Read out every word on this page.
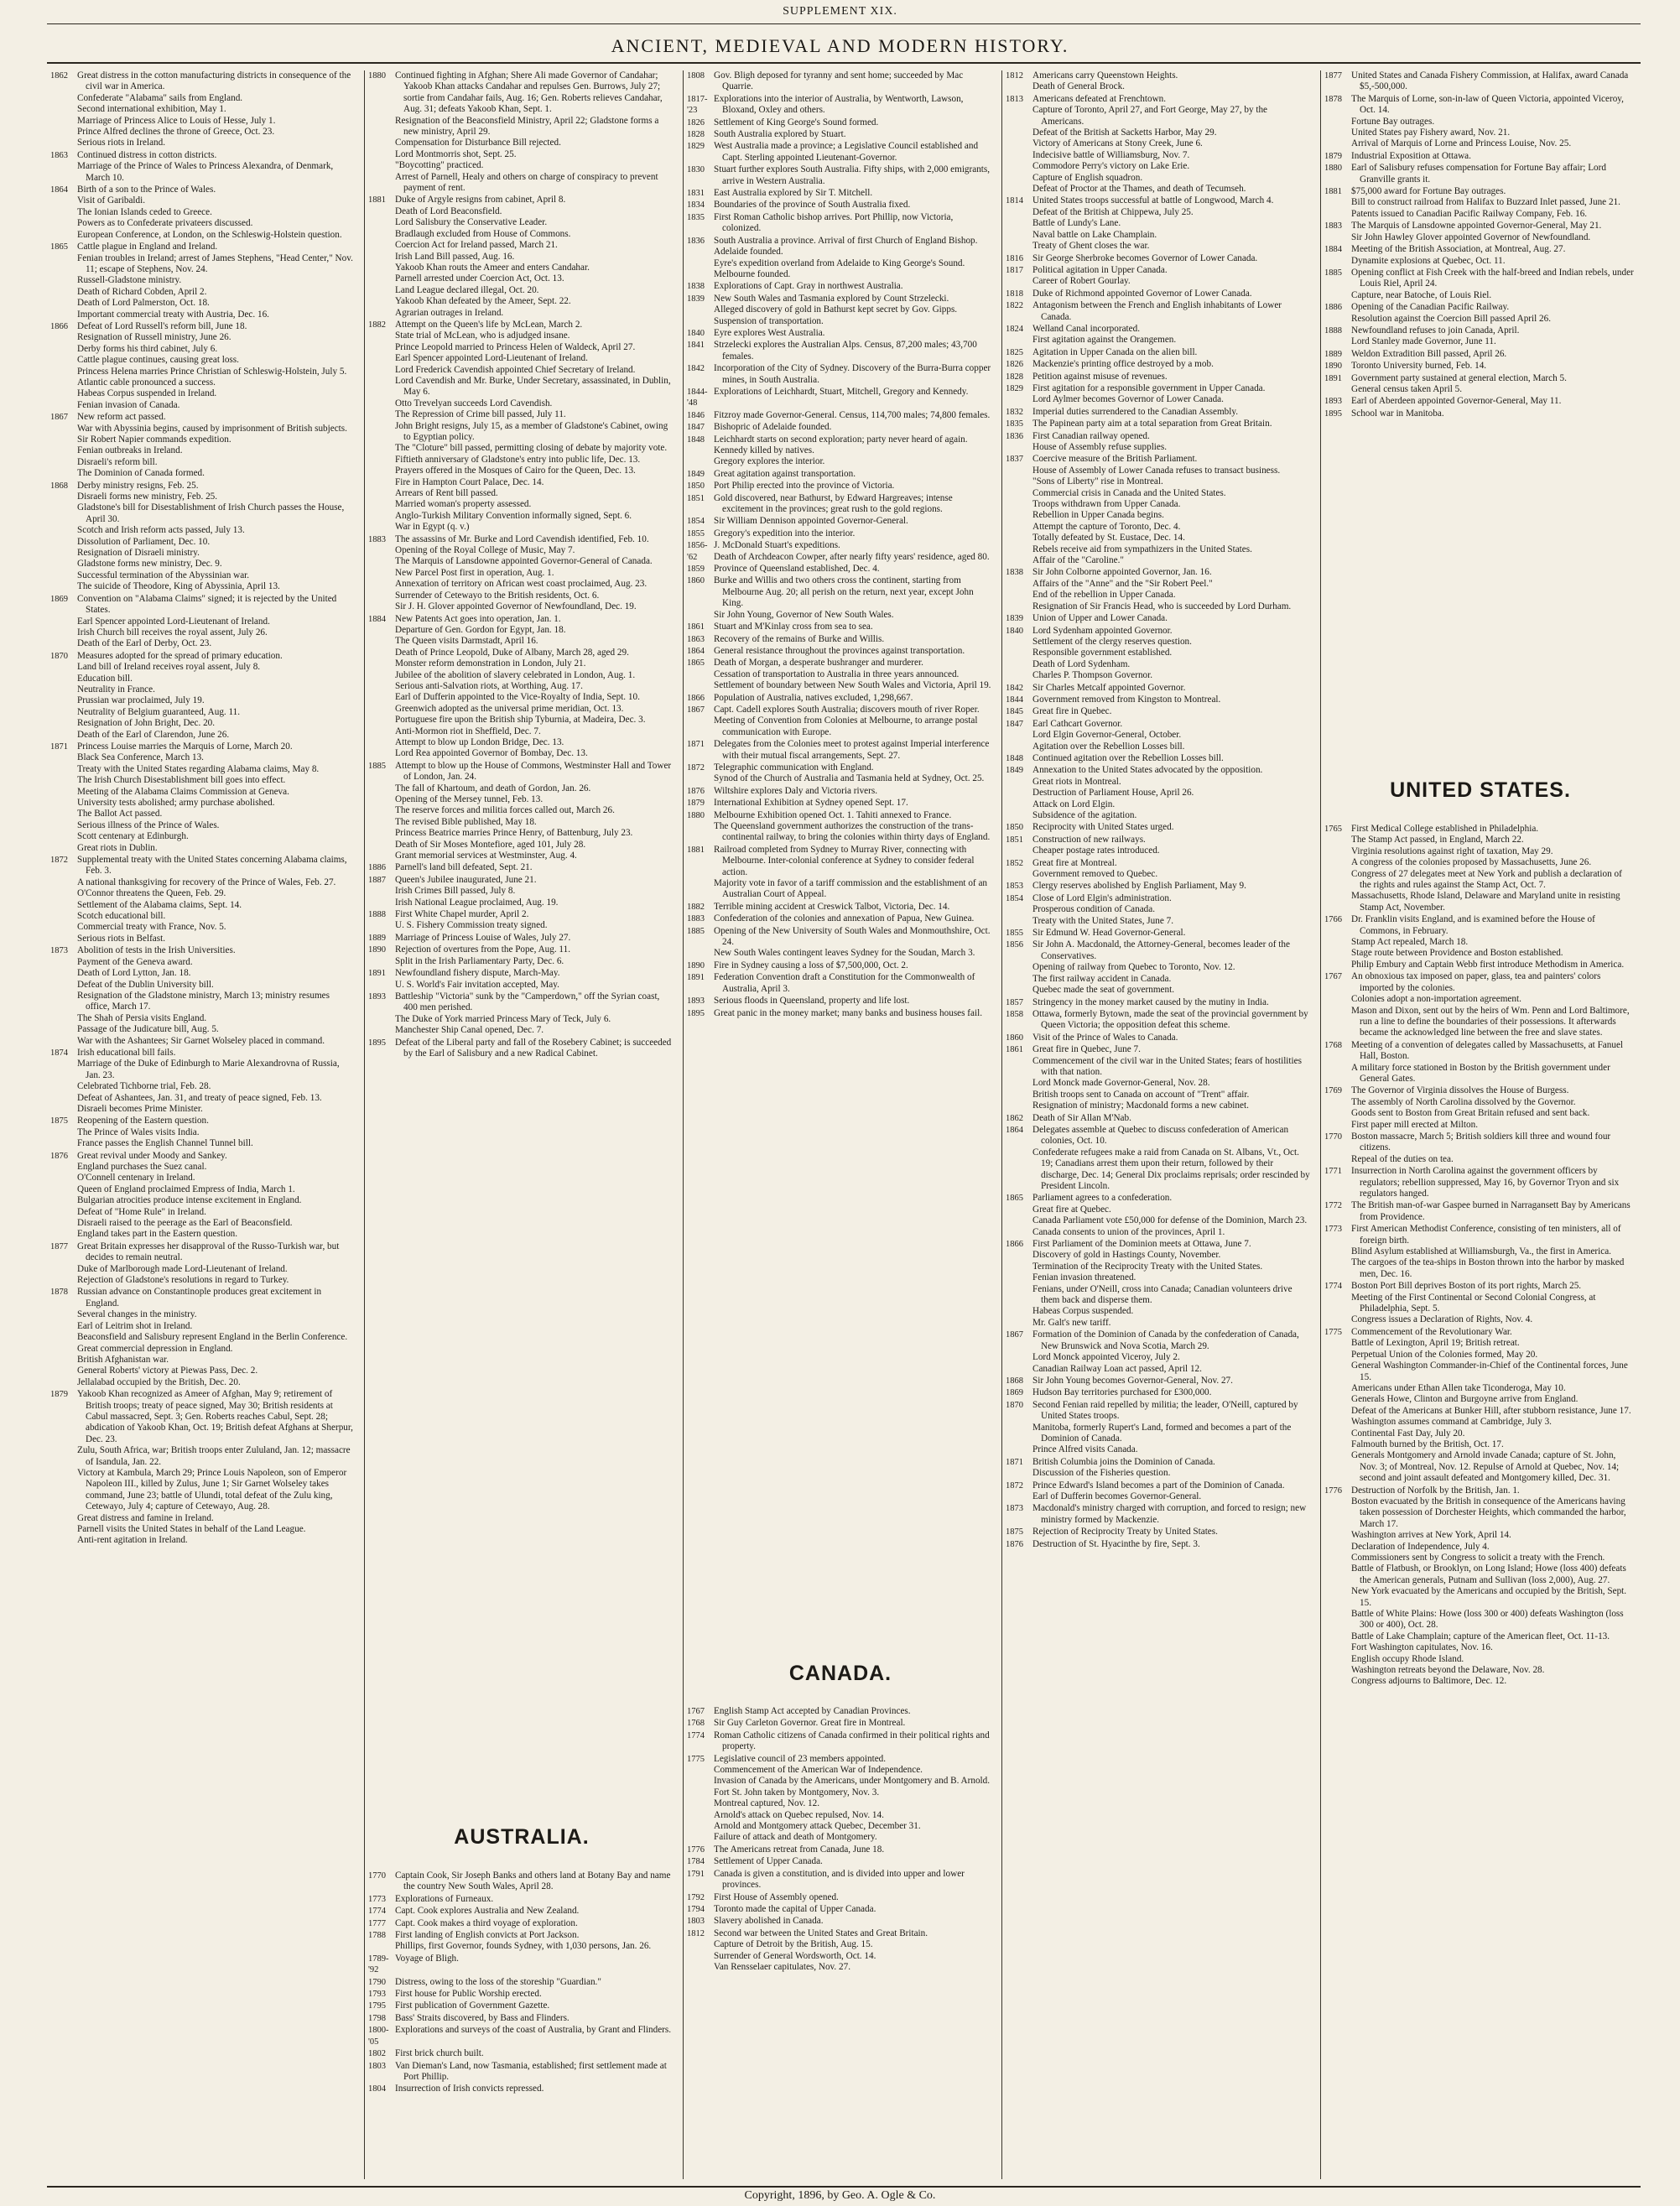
SUPPLEMENT XIX.
ANCIENT, MEDIEVAL AND MODERN HISTORY.
1862 Great distress in the cotton manufacturing districts in consequence of the civil war in America.
Confederate "Alabama" sails from England.
Second international exhibition, May 1.
Marriage of Princess Alice to Louis of Hesse, July 1.
Prince Alfred declines the throne of Greece, Oct. 23.
Serious riots in Ireland.
1863 Continued distress in cotton districts.
Marriage of the Prince of Wales to Princess Alexandra, of Denmark, March 10.
1864 Birth of a son to the Prince of Wales.
Visit of Garibaldi.
The Ionian Islands ceded to Greece.
Powers as to Confederate privateers discussed.
European Conference, at London, on the Schleswig-Holstein question.
1865 Cattle plague in England and Ireland.
Fenian troubles in Ireland; arrest of James Stephens, "Head Center," Nov. 11; escape of Stephens, Nov. 24.
Russell-Gladstone ministry.
Death of Richard Cobden, April 2.
Death of Lord Palmerston, Oct. 18.
Important commercial treaty with Austria, Dec. 16.
1866 Defeat of Lord Russell's reform bill, June 18.
Resignation of Russell ministry, June 26.
Derby forms his third cabinet, July 6.
Cattle plague continues, causing great loss.
Princess Helena marries Prince Christian of Schleswig-Holstein, July 5.
Atlantic cable pronounced a success.
Habeas Corpus suspended in Ireland.
Fenian invasion of Canada.
1867 New reform act passed.
War with Abyssinia begins, caused by imprisonment of British subjects.
Sir Robert Napier commands expedition.
Fenian outbreaks in Ireland.
Disraeli's reform bill.
The Dominion of Canada formed.
1868 Derby ministry resigns, Feb. 25.
Disraeli forms new ministry, Feb. 25.
Gladstone's bill for Disestablishment of Irish Church passes the House, April 30.
Scotch and Irish reform acts passed, July 13.
Dissolution of Parliament, Dec. 10.
Resignation of Disraeli ministry.
Gladstone forms new ministry, Dec. 9.
Successful termination of the Abyssinian war.
The suicide of Theodore, King of Abyssinia, April 13.
1869 Convention on "Alabama Claims" signed; it is rejected by the United States.
Earl Spencer appointed Lord-Lieutenant of Ireland.
Irish Church bill receives the royal assent, July 26.
Death of the Earl of Derby, Oct. 23.
1870 Measures adopted for the spread of primary education.
Land bill of Ireland receives royal assent, July 8.
Education bill.
Neutrality in France.
Prussian war proclaimed, July 19.
Neutrality of Belgium guaranteed, Aug. 11.
Resignation of John Bright, Dec. 20.
Death of the Earl of Clarendon, June 26.
1871 Princess Louise marries the Marquis of Lorne, March 20.
Black Sea Conference, March 13.
Treaty with the United States regarding Alabama claims, May 8.
The Irish Church Disestablishment bill goes into effect.
Meeting of the Alabama Claims Commission at Geneva.
University tests abolished; army purchase abolished.
The Ballot Act passed.
Serious illness of the Prince of Wales.
Scott centenary at Edinburgh.
Great riots in Dublin.
1872 Supplemental treaty with the United States concerning Alabama claims, Feb. 3.
A national thanksgiving for recovery of the Prince of Wales, Feb. 27.
O'Connor threatens the Queen, Feb. 29.
Settlement of the Alabama claims, Sept. 14.
Scotch educational bill.
Commercial treaty with France, Nov. 5.
Serious riots in Belfast.
1873 Abolition of tests in the Irish Universities.
Payment of the Geneva award.
Death of Lord Lytton, Jan. 18.
Defeat of the Dublin University bill.
Resignation of the Gladstone ministry, March 13; ministry resumes office, March 17.
The Shah of Persia visits England.
Passage of the Judicature bill, Aug. 5.
War with the Ashantees; Sir Garnet Wolseley placed in command.
1874 Irish educational bill fails.
Marriage of the Duke of Edinburgh to Marie Alexandrovna of Russia, Jan. 23.
Celebrated Tichborne trial, Feb. 28.
Defeat of Ashantees, Jan. 31, and treaty of peace signed, Feb. 13.
Disraeli becomes Prime Minister.
1875 Reopening of the Eastern question.
The Prince of Wales visits India.
France passes the English Channel Tunnel bill.
1876 Great revival under Moody and Sankey.
England purchases the Suez canal.
O'Connell centenary in Ireland.
Queen of England proclaimed Empress of India, March 1.
Bulgarian atrocities produce intense excitement in England.
Defeat of "Home Rule" in Ireland.
Disraeli raised to the peerage as the Earl of Beaconsfield.
England takes part in the Eastern question.
1877 Great Britain expresses her disapproval of the Russo-Turkish war, but decides to remain neutral.
Duke of Marlborough made Lord-Lieutenant of Ireland.
Rejection of Gladstone's resolutions in regard to Turkey.
1878 Russian advance on Constantinople produces great excitement in England.
Several changes in the ministry.
Earl of Leitrim shot in Ireland.
Beaconsfield and Salisbury represent England in the Berlin Conference.
Great commercial depression in England.
British Afghanistan war.
General Roberts' victory at Piewas Pass, Dec. 2.
Jellalabad occupied by the British, Dec. 20.
1879 Yakoob Khan recognized as Ameer of Afghan, May 9; retirement of British troops; treaty of peace signed, May 30; British residents at Cabul massacred, Sept. 3; Gen. Roberts reaches Cabul, Sept. 28; abdication of Yakoob Khan, Oct. 19; British defeat Afghans at Sherpur, Dec. 23.
Zulu, South Africa, war; British troops enter Zululand, Jan. 12; massacre of Isandula, Jan. 22.
Victory at Kambula, March 29; Prince Louis Napoleon, son of Emperor Napoleon III., killed by Zulus, June 1; Sir Garnet Wolseley takes command, June 23; battle of Ulundi, total defeat of the Zulu king, Cetewayo, July 4; capture of Cetewayo, Aug. 28.
Great distress and famine in Ireland.
Parnell visits the United States in behalf of the Land League.
Anti-rent agitation in Ireland.
1880 Continued fighting in Afghan; Shere Ali made Governor of Candahar; Yakoob Khan attacks Candahar and repulses Gen. Burrows, July 27; sortie from Candahar fails, Aug. 16; Gen. Roberts relieves Candahar, Aug. 31; defeats Yakoob Khan, Sept. 1.
Resignation of the Beaconsfield Ministry, April 22; Gladstone forms a new ministry, April 29.
Compensation for Disturbance Bill rejected.
Lord Montmorris shot, Sept. 25.
"Boycotting" practiced.
Arrest of Parnell, Healy and others on charge of conspiracy to prevent payment of rent.
1881 Duke of Argyle resigns from cabinet, April 8.
Death of Lord Beaconsfield.
Lord Salisbury the Conservative Leader.
Bradlaugh excluded from House of Commons.
Coercion Act for Ireland passed, March 21.
Irish Land Bill passed, Aug. 16.
Yakoob Khan routs the Ameer and enters Candahar.
Parnell arrested under Coercion Act, Oct. 13.
Land League declared illegal, Oct. 20.
Yakoob Khan defeated by the Ameer, Sept. 22.
Agrarian outrages in Ireland.
1882 Attempt on the Queen's life by McLean, March 2.
State trial of McLean, who is adjudged insane.
Prince Leopold married to Princess Helen of Waldeck, April 27.
Earl Spencer appointed Lord-Lieutenant of Ireland.
Lord Frederick Cavendish appointed Chief Secretary of Ireland.
Lord Cavendish and Mr. Burke, Under Secretary, assassinated, in Dublin, May 6.
Otto Trevelyan succeeds Lord Cavendish.
The Repression of Crime bill passed, July 11.
John Bright resigns, July 15, as a member of Gladstone's Cabinet, owing to Egyptian policy.
The "Cloture" bill passed, permitting closing of debate by majority vote.
Fiftieth anniversary of Gladstone's entry into public life, Dec. 13.
Prayers offered in the Mosques of Cairo for the Queen, Dec. 13.
Fire in Hampton Court Palace, Dec. 14.
Arrears of Rent bill passed.
Married woman's property assessed.
Anglo-Turkish Military Convention informally signed, Sept. 6.
War in Egypt (q. v.)
1883 The assassins of Mr. Burke and Lord Cavendish identified, Feb. 10.
Opening of the Royal College of Music, May 7.
The Marquis of Lansdowne appointed Governor-General of Canada.
New Parcel Post first in operation, Aug. 1.
Annexation of territory on African west coast proclaimed, Aug. 23.
Surrender of Cetewayo to the British residents, Oct. 6.
Sir J. H. Glover appointed Governor of Newfoundland, Dec. 19.
1884 New Patents Act goes into operation, Jan. 1.
Departure of Gen. Gordon for Egypt, Jan. 18.
The Queen visits Darmstadt, April 16.
Death of Prince Leopold, Duke of Albany, March 28, aged 29.
Monster reform demonstration in London, July 21.
Jubilee of the abolition of slavery celebrated in London, Aug. 1.
Serious anti-Salvation riots, at Worthing, Aug. 17.
Earl of Dufferin appointed to the Vice-Royalty of India, Sept. 10.
Greenwich adopted as the universal prime meridian, Oct. 13.
Portuguese fire upon the British ship Tyburnia, at Madeira, Dec. 3.
Anti-Mormon riot in Sheffield, Dec. 7.
Attempt to blow up London Bridge, Dec. 13.
Lord Rea appointed Governor of Bombay, Dec. 13.
1885 Attempt to blow up the House of Commons, Westminster Hall and Tower of London, Jan. 24.
The fall of Khartoum, and death of Gordon, Jan. 26.
Opening of the Mersey tunnel, Feb. 13.
The reserve forces and militia forces called out, March 26.
The revised Bible published, May 18.
Princess Beatrice marries Prince Henry, of Battenburg, July 23.
Death of Sir Moses Montefiore, aged 101, July 28.
Grant memorial services at Westminster, Aug. 4.
1886 Parnell's land bill defeated, Sept. 21.
1887 Queen's Jubilee inaugurated, June 21.
Irish Crimes Bill passed, July 8.
Irish National League proclaimed, Aug. 19.
1888 First White Chapel murder, April 2.
U. S. Fishery Commission treaty signed.
1889 Marriage of Princess Louise of Wales, July 27.
1890 Rejection of overtures from the Pope, Aug. 11.
Split in the Irish Parliamentary Party, Dec. 6.
1891 Newfoundland fishery dispute, March-May.
U. S. World's Fair invitation accepted, May.
1893 Battleship "Victoria" sunk by the "Camperdown," off the Syrian coast, 400 men perished.
The Duke of York married Princess Mary of Teck, July 6.
Manchester Ship Canal opened, Dec. 7.
1895 Defeat of the Liberal party and fall of the Rosebery Cabinet; is succeeded by the Earl of Salisbury and a new Radical Cabinet.
AUSTRALIA.
1770 Captain Cook, Sir Joseph Banks and others land at Botany Bay and name the country New South Wales, April 28.
1773 Explorations of Furneaux.
1774 Capt. Cook explores Australia and New Zealand.
1777 Capt. Cook makes a third voyage of exploration.
1788 First landing of English convicts at Port Jackson.
Phillips, first Governor, founds Sydney, with 1,030 persons, Jan. 26.
1789-'92
Voyage of Bligh.
1790 Distress, owing to the loss of the storeship "Guardian."
1793 First house for Public Worship erected.
1795 First publication of Government Gazette.
1798 Bass' Straits discovered, by Bass and Flinders.
1800-'05
Explorations and surveys of the coast of Australia, by Grant and Flinders.
1802 First brick church built.
1803 Van Dieman's Land, now Tasmania, established; first settlement made at Port Phillip.
1804 Insurrection of Irish convicts repressed.
1808 Gov. Bligh deposed for tyranny and sent home; succeeded by Mac Quarrie.
1817-'23
Explorations into the interior of Australia, by Wentworth, Lawson, Bloxand, Oxley and others.
1826 Settlement of King George's Sound formed.
1828 South Australia explored by Stuart.
1829 West Australia made a province; a Legislative Council established and Capt. Sterling appointed Lieutenant-Governor.
1830 Stuart further explores South Australia. Fifty ships, with 2,000 emigrants, arrive in Western Australia.
1831 East Australia explored by Sir T. Mitchell.
1834 Boundaries of the province of South Australia fixed.
1835 First Roman Catholic bishop arrives. Port Phillip, now Victoria, colonized.
1836 South Australia a province. Arrival of first Church of England Bishop.
Adelaide founded.
Eyre's expedition overland from Adelaide to King George's Sound.
Melbourne founded.
1838 Explorations of Capt. Gray in northwest Australia.
1839 New South Wales and Tasmania explored by Count Strzelecki.
Alleged discovery of gold in Bathurst kept secret by Gov. Gipps.
Suspension of transportation.
1840 Eyre explores West Australia.
1841 Strzelecki explores the Australian Alps. Census, 87,200 males; 43,700 females.
1842 Incorporation of the City of Sydney. Discovery of the Burra-Burra copper mines, in South Australia.
1844-'48
Explorations of Leichhardt, Stuart, Mitchell, Gregory and Kennedy.
1846 Fitzroy made Governor-General. Census, 114,700 males; 74,800 females.
1847 Bishopric of Adelaide founded.
1848 Leichhardt starts on second exploration; party never heard of again.
Kennedy killed by natives.
Gregory explores the interior.
1849 Great agitation against transportation.
1850 Port Philip erected into the province of Victoria.
1851 Gold discovered, near Bathurst, by Edward Hargreaves; intense excitement in the provinces; great rush to the gold regions.
1854 Sir William Dennison appointed Governor-General.
1855 Gregory's expedition into the interior.
1856-'62
J. McDonald Stuart's expeditions.
Death of Archdeacon Cowper, after nearly fifty years' residence, aged 80.
1859 Province of Queensland established, Dec. 4.
1860 Burke and Willis and two others cross the continent, starting from Melbourne Aug. 20; all perish on the return, next year, except John King.
Sir John Young, Governor of New South Wales.
1861 Stuart and M'Kinlay cross from sea to sea.
1863 Recovery of the remains of Burke and Willis.
1864 General resistance throughout the provinces against transportation.
1865 Death of Morgan, a desperate bushranger and murderer.
Cessation of transportation to Australia in three years announced.
Settlement of boundary between New South Wales and Victoria, April 19.
1866 Population of Australia, natives excluded, 1,298,667.
1867 Capt. Cadell explores South Australia; discovers mouth of river Roper.
Meeting of Convention from Colonies at Melbourne, to arrange postal communication with Europe.
1871 Delegates from the Colonies meet to protest against Imperial interference with their mutual fiscal arrangements, Sept. 27.
1872 Telegraphic communication with England.
Synod of the Church of Australia and Tasmania held at Sydney, Oct. 25.
1876 Wiltshire explores Daly and Victoria rivers.
1879 International Exhibition at Sydney opened Sept. 17.
1880 Melbourne Exhibition opened Oct. 1. Tahiti annexed to France.
The Queensland government authorizes the construction of the trans-continental railway, to bring the colonies within thirty days of England.
1881 Railroad completed from Sydney to Murray River, connecting with Melbourne. Inter-colonial conference at Sydney to consider federal action.
Majority vote in favor of a tariff commission and the establishment of an Australian Court of Appeal.
1882 Terrible mining accident at Creswick Talbot, Victoria, Dec. 14.
1883 Confederation of the colonies and annexation of Papua, New Guinea.
1885 Opening of the New University of South Wales and Monmouthshire, Oct. 24.
New South Wales contingent leaves Sydney for the Soudan, March 3.
1890 Fire in Sydney causing a loss of $7,500,000, Oct. 2.
1891 Federation Convention draft a Constitution for the Commonwealth of Australia, April 3.
1893 Serious floods in Queensland, property and life lost.
1895 Great panic in the money market; many banks and business houses fail.
CANADA.
1767 English Stamp Act accepted by Canadian Provinces.
1768 Sir Guy Carleton Governor. Great fire in Montreal.
1774 Roman Catholic citizens of Canada confirmed in their political rights and property.
1775 Legislative council of 23 members appointed.
Commencement of the American War of Independence.
Invasion of Canada by the Americans, under Montgomery and B. Arnold.
Fort St. John taken by Montgomery, Nov. 3.
Montreal captured, Nov. 12.
Arnold's attack on Quebec repulsed, Nov. 14.
Arnold and Montgomery attack Quebec, December 31.
Failure of attack and death of Montgomery.
1776 The Americans retreat from Canada, June 18.
1784 Settlement of Upper Canada.
1791 Canada is given a constitution, and is divided into upper and lower provinces.
1792 First House of Assembly opened.
1794 Toronto made the capital of Upper Canada.
1803 Slavery abolished in Canada.
1812 Second war between the United States and Great Britain.
Capture of Detroit by the British, Aug. 15.
Surrender of General Wordsworth, Oct. 14.
Van Rensselaer capitulates, Nov. 27.
1812 Americans carry Queenstown Heights.
Death of General Brock.
1813 Americans defeated at Frenchtown.
Capture of Toronto, April 27, and Fort George, May 27, by the Americans.
Defeat of the British at Sacketts Harbor, May 29.
Victory of Americans at Stony Creek, June 6.
Indecisive battle of Williamsburg, Nov. 7.
Commodore Perry's victory on Lake Erie.
Capture of English squadron.
Defeat of Proctor at the Thames, and death of Tecumseh.
1814 United States troops successful at battle of Longwood, March 4.
Defeat of the British at Chippewa, July 25.
Battle of Lundy's Lane.
Naval battle on Lake Champlain.
Treaty of Ghent closes the war.
1816 Sir George Sherbroke becomes Governor of Lower Canada.
1817 Political agitation in Upper Canada.
Career of Robert Gourlay.
1818 Duke of Richmond appointed Governor of Lower Canada.
1822 Antagonism between the French and English inhabitants of Lower Canada.
1824 Welland Canal incorporated.
First agitation against the Orangemen.
1825 Agitation in Upper Canada on the alien bill.
1826 Mackenzie's printing office destroyed by a mob.
1828 Petition against misuse of revenues.
1829 First agitation for a responsible government in Upper Canada.
Lord Aylmer becomes Governor of Lower Canada.
1832 Imperial duties surrendered to the Canadian Assembly.
1835 The Papinean party aim at a total separation from Great Britain.
1836 First Canadian railway opened.
House of Assembly refuse supplies.
1837 Coercive measure of the British Parliament.
House of Assembly of Lower Canada refuses to transact business.
"Sons of Liberty" rise in Montreal.
Commercial crisis in Canada and the United States.
Troops withdrawn from Upper Canada.
Rebellion in Upper Canada begins.
Attempt the capture of Toronto, Dec. 4.
Totally defeated by St. Eustace, Dec. 14.
Rebels receive aid from sympathizers in the United States.
Affair of the "Caroline."
1838 Sir John Colborne appointed Governor, Jan. 16.
Affairs of the "Anne" and the "Sir Robert Peel."
End of the rebellion in Upper Canada.
Resignation of Sir Francis Head, who is succeeded by Lord Durham.
1839 Union of Upper and Lower Canada.
1840 Lord Sydenham appointed Governor.
Settlement of the clergy reserves question.
Responsible government established.
Death of Lord Sydenham.
Charles P. Thompson Governor.
1842 Sir Charles Metcalf appointed Governor.
1844 Government removed from Kingston to Montreal.
1845 Great fire in Quebec.
1847 Earl Cathcart Governor.
Lord Elgin Governor-General, October.
Agitation over the Rebellion Losses bill.
1848 Continued agitation over the Rebellion Losses bill.
1849 Annexation to the United States advocated by the opposition.
Great riots in Montreal.
Destruction of Parliament House, April 26.
Attack on Lord Elgin.
Subsidence of the agitation.
1850 Reciprocity with United States urged.
1851 Construction of new railways.
Cheaper postage rates introduced.
1852 Great fire at Montreal.
Government removed to Quebec.
1853 Clergy reserves abolished by English Parliament, May 9.
1854 Close of Lord Elgin's administration.
Prosperous condition of Canada.
Treaty with the United States, June 7.
1855 Sir Edmund W. Head Governor-General.
1856 Sir John A. Macdonald, the Attorney-General, becomes leader of the Conservatives.
Opening of railway from Quebec to Toronto, Nov. 12.
The first railway accident in Canada.
Quebec made the seat of government.
1857 Stringency in the money market caused by the mutiny in India.
1858 Ottawa, formerly Bytown, made the seat of the provincial government by Queen Victoria; the opposition defeat this scheme.
1860 Visit of the Prince of Wales to Canada.
1861 Great fire in Quebec, June 7.
Commencement of the civil war in the United States; fears of hostilities with that nation.
Lord Monck made Governor-General, Nov. 28.
British troops sent to Canada on account of "Trent" affair.
Resignation of ministry; Macdonald forms a new cabinet.
1862 Death of Sir Allan M'Nab.
1864 Delegates assemble at Quebec to discuss confederation of American colonies, Oct. 10.
Confederate refugees make a raid from Canada on St. Albans, Vt., Oct. 19; Canadians arrest them upon their return, followed by their discharge, Dec. 14; General Dix proclaims reprisals; order rescinded by President Lincoln.
1865 Parliament agrees to a confederation.
Great fire at Quebec.
Canada Parliament vote £50,000 for defense of the Dominion, March 23.
Canada consents to union of the provinces, April 1.
1866 First Parliament of the Dominion meets at Ottawa, June 7.
Discovery of gold in Hastings County, November.
Termination of the Reciprocity Treaty with the United States.
Fenian invasion threatened.
Fenians, under O'Neill, cross into Canada; Canadian volunteers drive them back and disperse them.
Habeas Corpus suspended.
Mr. Galt's new tariff.
1867 Formation of the Dominion of Canada by the confederation of Canada, New Brunswick and Nova Scotia, March 29.
Lord Monck appointed Viceroy, July 2.
Canadian Railway Loan act passed, April 12.
1868 Sir John Young becomes Governor-General, Nov. 27.
1869 Hudson Bay territories purchased for £300,000.
1870 Second Fenian raid repelled by militia; the leader, O'Neill, captured by United States troops.
Manitoba, formerly Rupert's Land, formed and becomes a part of the Dominion of Canada.
Prince Alfred visits Canada.
1871 British Columbia joins the Dominion of Canada.
Discussion of the Fisheries question.
1872 Prince Edward's Island becomes a part of the Dominion of Canada.
Earl of Dufferin becomes Governor-General.
1873 Macdonald's ministry charged with corruption, and forced to resign; new ministry formed by Mackenzie.
1875 Rejection of Reciprocity Treaty by United States.
1876 Destruction of St. Hyacinthe by fire, Sept. 3.
1877 United States and Canada Fishery Commission, at Halifax, award Canada $5,-500,000.
1878 The Marquis of Lorne, son-in-law of Queen Victoria, appointed Viceroy, Oct. 14.
Fortune Bay outrages.
United States pay Fishery award, Nov. 21.
Arrival of Marquis of Lorne and Princess Louise, Nov. 25.
1879 Industrial Exposition at Ottawa.
1880 Earl of Salisbury refuses compensation for Fortune Bay affair; Lord Granville grants it.
1881 $75,000 award for Fortune Bay outrages.
Bill to construct railroad from Halifax to Buzzard Inlet passed, June 21.
Patents issued to Canadian Pacific Railway Company, Feb. 16.
1883 The Marquis of Lansdowne appointed Governor-General, May 21.
Sir John Hawley Glover appointed Governor of Newfoundland.
1884 Meeting of the British Association, at Montreal, Aug. 27.
Dynamite explosions at Quebec, Oct. 11.
1885 Opening conflict at Fish Creek with the half-breed and Indian rebels, under Louis Riel, April 24.
Capture, near Batoche, of Louis Riel.
1886 Opening of the Canadian Pacific Railway.
Resolution against the Coercion Bill passed April 26.
1888 Newfoundland refuses to join Canada, April.
Lord Stanley made Governor, June 11.
1889 Weldon Extradition Bill passed, April 26.
1890 Toronto University burned, Feb. 14.
1891 Government party sustained at general election, March 5.
General census taken April 5.
1893 Earl of Aberdeen appointed Governor-General, May 11.
1895 School war in Manitoba.
UNITED STATES.
1765 First Medical College established in Philadelphia.
The Stamp Act passed, in England, March 22.
Virginia resolutions against right of taxation, May 29.
A congress of the colonies proposed by Massachusetts, June 26.
Congress of 27 delegates meet at New York and publish a declaration of the rights and rules against the Stamp Act, Oct. 7.
Massachusetts, Rhode Island, Delaware and Maryland unite in resisting Stamp Act, November.
1766 Dr. Franklin visits England, and is examined before the House of Commons, in February.
Stamp Act repealed, March 18.
Stage route between Providence and Boston established.
Philip Embury and Captain Webb first introduce Methodism in America.
1767 An obnoxious tax imposed on paper, glass, tea and painters' colors imported by the colonies.
Colonies adopt a non-importation agreement.
Mason and Dixon, sent out by the heirs of Wm. Penn and Lord Baltimore, run a line to define the boundaries of their possessions. It afterwards became the acknowledged line between the free and slave states.
1768 Meeting of a convention of delegates called by Massachusetts, at Fanuel Hall, Boston.
A military force stationed in Boston by the British government under General Gates.
1769 The Governor of Virginia dissolves the House of Burgess.
The assembly of North Carolina dissolved by the Governor.
Goods sent to Boston from Great Britain refused and sent back.
First paper mill erected at Milton.
1770 Boston massacre, March 5; British soldiers kill three and wound four citizens.
Repeal of the duties on tea.
1771 Insurrection in North Carolina against the government officers by regulators; rebellion suppressed, May 16, by Governor Tryon and six regulators hanged.
1772 The British man-of-war Gaspee burned in Narragansett Bay by Americans from Providence.
1773 First American Methodist Conference, consisting of ten ministers, all of foreign birth.
Blind Asylum established at Williamsburgh, Va., the first in America.
The cargoes of the tea-ships in Boston thrown into the harbor by masked men, Dec. 16.
1774 Boston Port Bill deprives Boston of its port rights, March 25.
Meeting of the First Continental or Second Colonial Congress, at Philadelphia, Sept. 5.
Congress issues a Declaration of Rights, Nov. 4.
1775 Commencement of the Revolutionary War.
Battle of Lexington, April 19; British retreat.
Perpetual Union of the Colonies formed, May 20.
General Washington Commander-in-Chief of the Continental forces, June 15.
Americans under Ethan Allen take Ticonderoga, May 10.
Generals Howe, Clinton and Burgoyne arrive from England.
Defeat of the Americans at Bunker Hill, after stubborn resistance, June 17.
Washington assumes command at Cambridge, July 3.
Continental Fast Day, July 20.
Falmouth burned by the British, Oct. 17.
Generals Montgomery and Arnold invade Canada; capture of St. John, Nov. 3; of Montreal, Nov. 12. Repulse of Arnold at Quebec, Nov. 14; second and joint assault defeated and Montgomery killed, Dec. 31.
1776 Destruction of Norfolk by the British, Jan. 1.
Boston evacuated by the British in consequence of the Americans having taken possession of Dorchester Heights, which commanded the harbor, March 17.
Washington arrives at New York, April 14.
Declaration of Independence, July 4.
Commissioners sent by Congress to solicit a treaty with the French.
Battle of Flatbush, or Brooklyn, on Long Island; Howe (loss 400) defeats the American generals, Putnam and Sullivan (loss 2,000), Aug. 27.
New York evacuated by the Americans and occupied by the British, Sept. 15.
Battle of White Plains: Howe (loss 300 or 400) defeats Washington (loss 300 or 400), Oct. 28.
Battle of Lake Champlain; capture of the American fleet, Oct. 11-13.
Fort Washington capitulates, Nov. 16.
English occupy Rhode Island.
Washington retreats beyond the Delaware, Nov. 28.
Congress adjourns to Baltimore, Dec. 12.
Copyright, 1896, by Geo. A. Ogle & Co.
